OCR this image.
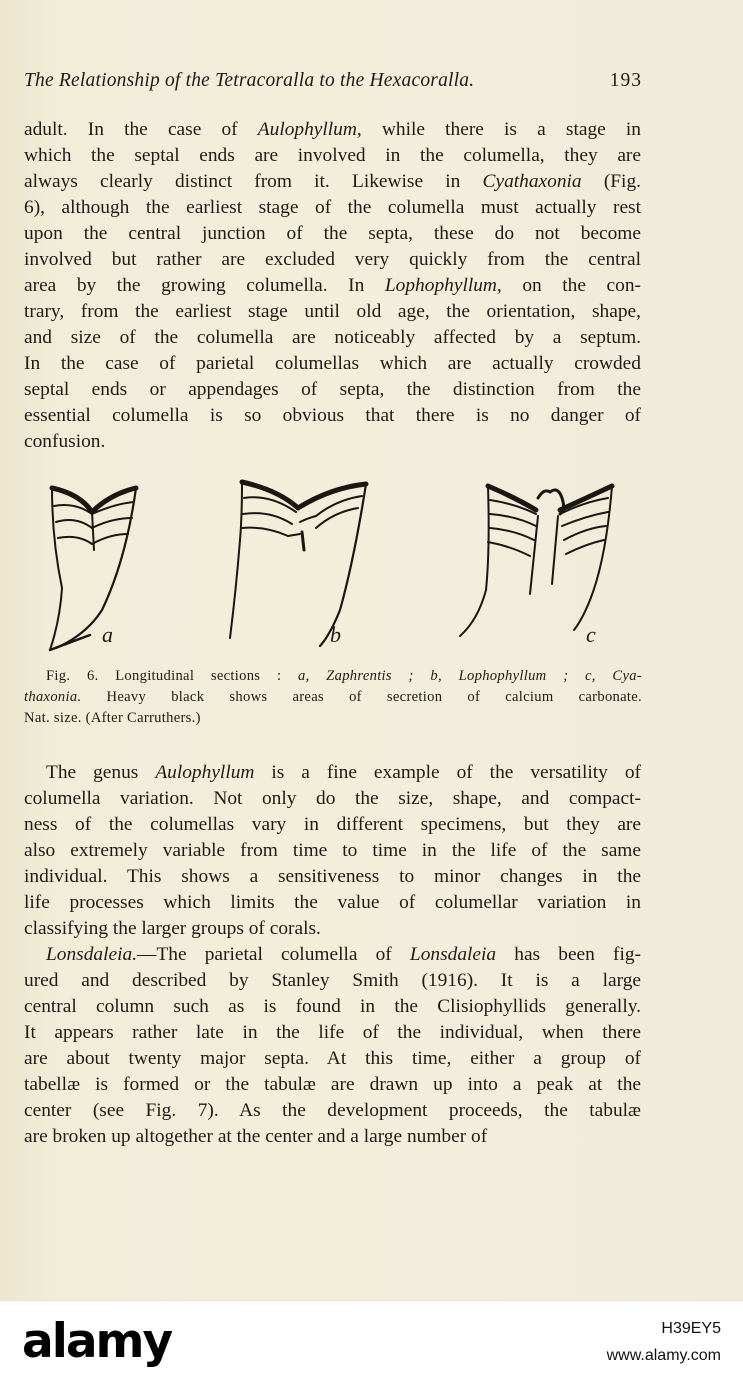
The Relationship of the Tetracoralla to the Hexacoralla.	193
adult. In the case of Aulophyllum, while there is a stage in
which the septal ends are involved in the columella, they are
always clearly distinct from it. Likewise in Cyathaxonia (Fig.
6), although the earliest stage of the columella must actually rest
upon the central junction of the septa, these do not become
involved but rather are excluded very quickly from the central
area by the growing columella. In Lophophyllum, on the con-
trary, from the earliest stage until old age, the orientation, shape,
and size of the columella are noticeably affected by a septum.
In the case of parietal columellas which are actually crowded
septal ends or appendages of septa, the distinction from the
essential columella is so obvious that there is no danger of
confusion.
a	b	c
Fig. 6. Longitudinal sections : a, Zaphrentis ; b, Lophophyllum ; c, Cya-
thaxonia. Heavy black shows areas of secretion of calcium carbonate.
Nat. size. (After Carruthers.)
The genus Aulophyllum is a fine example of the versatility of
columella variation. Not only do the size, shape, and compact-
ness of the columellas vary in different specimens, but they are
also extremely variable from time to time in the life of the same
individual. This shows a sensitiveness to minor changes in the
life processes which limits the value of columellar variation in
classifying the larger groups of corals.
Lonsdaleia.—The parietal columella of Lonsdaleia has been fig-
ured and described by Stanley Smith (1916). It is a large
central column such as is found in the Clisiophyllids generally.
It appears rather late in the life of the individual, when there
are about twenty major septa. At this time, either a group of
tabellæ is formed or the tabulæ are drawn up into a peak at the
center (see Fig. 7). As the development proceeds, the tabulæ
are broken up altogether at the center and a large number of
alamy	H39EY5
www.alamy.com
